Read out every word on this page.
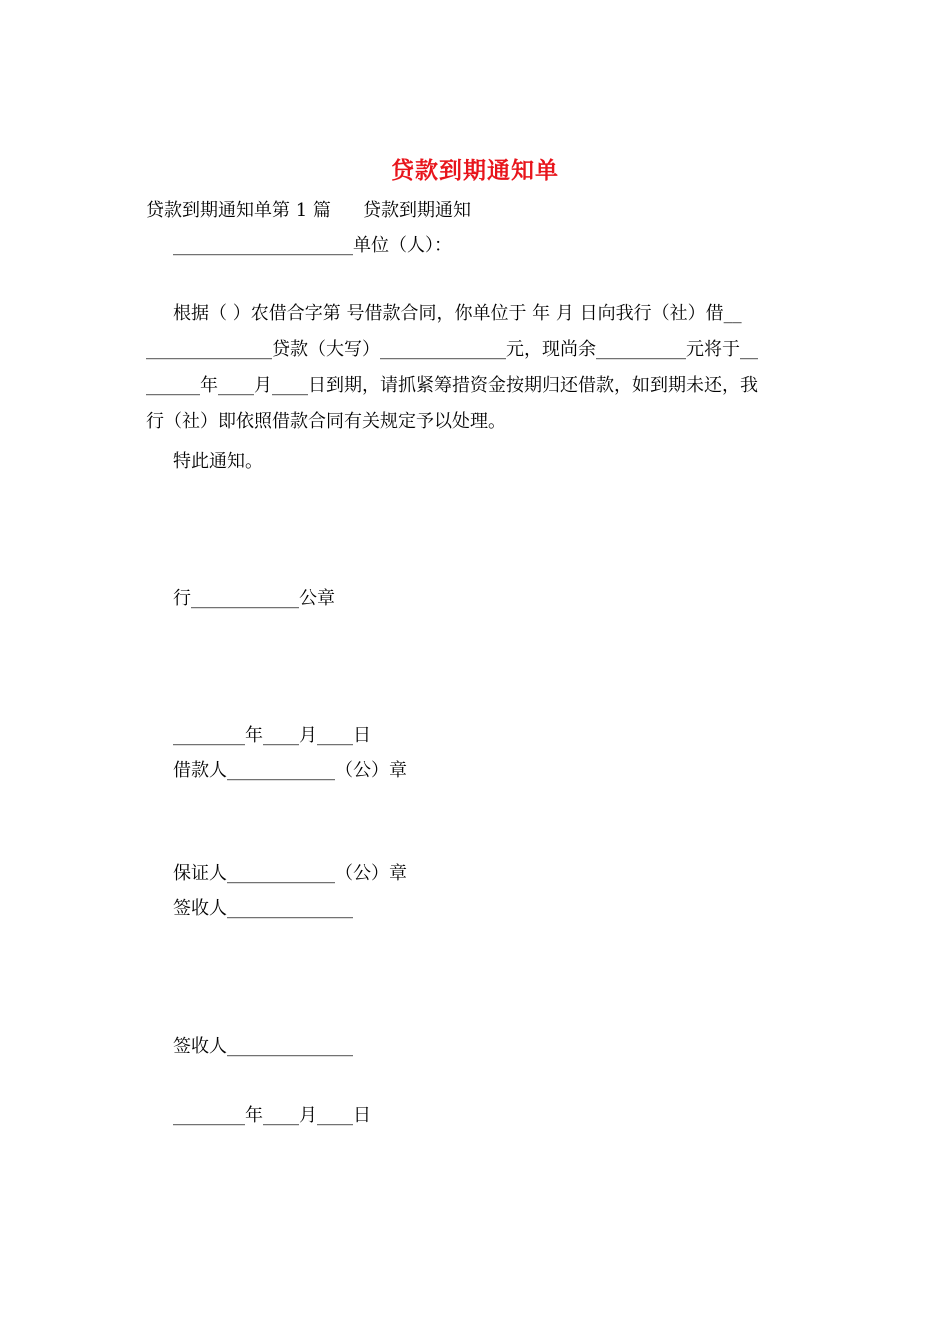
贷款到期通知单
贷款到期通知单第 1 篇 贷款到期通知
____________________单位（人）：
根据（ ）农借合字第 号借款合同，你单位于 年 月 日向我行（社）借__
______________贷款（大写）______________元，现尚余__________元将于__
______年____月____日到期，请抓紧筹措资金按期归还借款，如到期未还，我
行（社）即依照借款合同有关规定予以处理。
特此通知。
行____________公章
________年____月____日
借款人____________（公）章
保证人____________（公）章
签收人______________
签收人______________
________年____月____日
